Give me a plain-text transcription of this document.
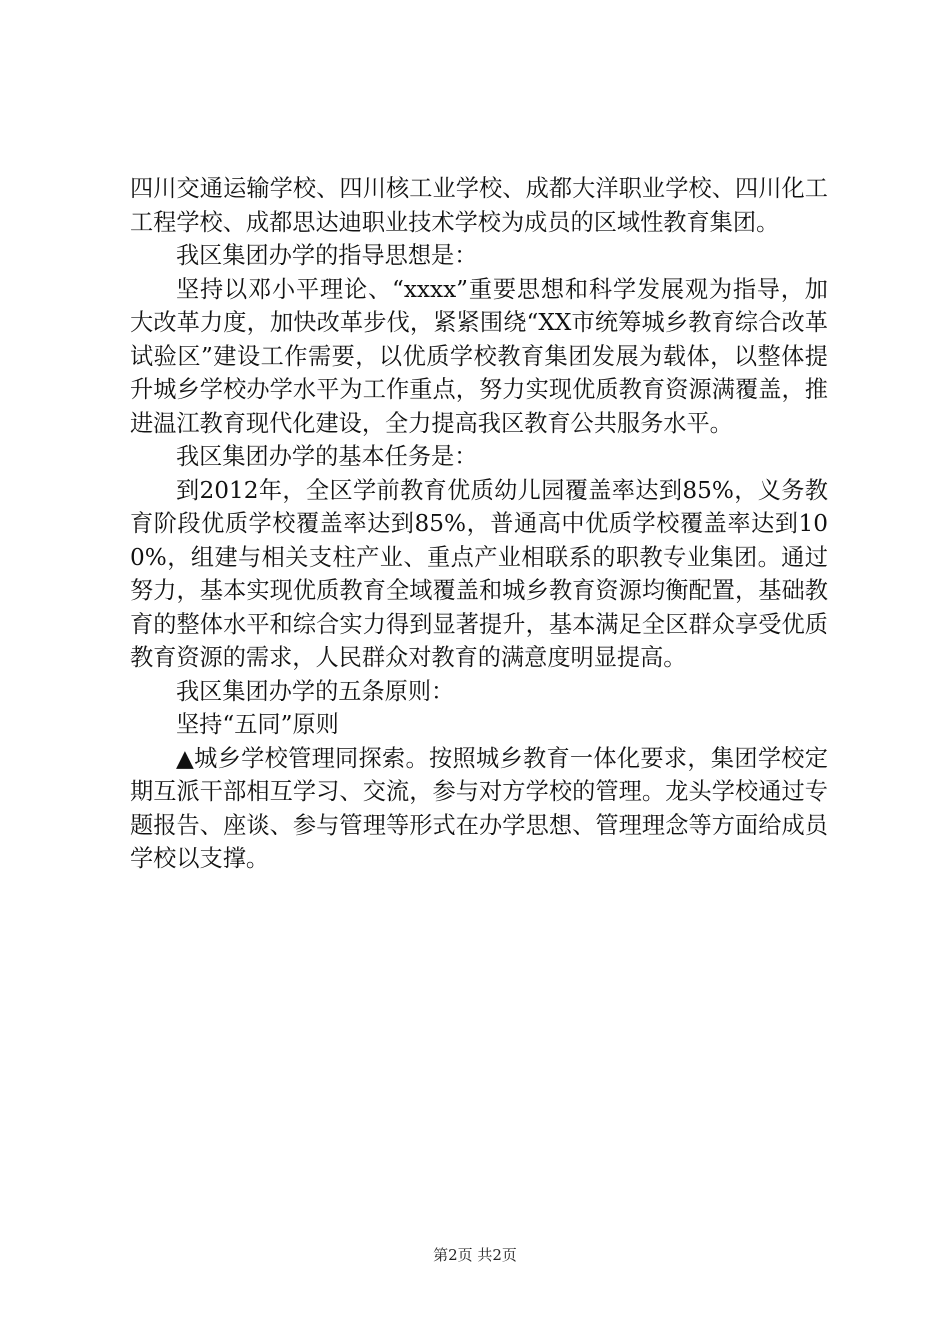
四川交通运输学校、四川核工业学校、成都大洋职业学校、四川化工工程学校、成都思达迪职业技术学校为成员的区域性教育集团。

我区集团办学的指导思想是：

坚持以邓小平理论、“xxxx”重要思想和科学发展观为指导，加大改革力度，加快改革步伐，紧紧围绕“XX市统筹城乡教育综合改革试验区”建设工作需要，以优质学校教育集团发展为载体，以整体提升城乡学校办学水平为工作重点，努力实现优质教育资源满覆盖，推进温江教育现代化建设，全力提高我区教育公共服务水平。

我区集团办学的基本任务是：

到2012年，全区学前教育优质幼儿园覆盖率达到85%，义务教育阶段优质学校覆盖率达到85%，普通高中优质学校覆盖率达到100%，组建与相关支柱产业、重点产业相联系的职教专业集团。通过努力，基本实现优质教育全域覆盖和城乡教育资源均衡配置，基础教育的整体水平和综合实力得到显著提升，基本满足全区群众享受优质教育资源的需求，人民群众对教育的满意度明显提高。

我区集团办学的五条原则：

坚持“五同”原则

▲城乡学校管理同探索。按照城乡教育一体化要求，集团学校定期互派干部相互学习、交流，参与对方学校的管理。龙头学校通过专题报告、座谈、参与管理等形式在办学思想、管理理念等方面给成员学校以支撑。

第2页 共2页
